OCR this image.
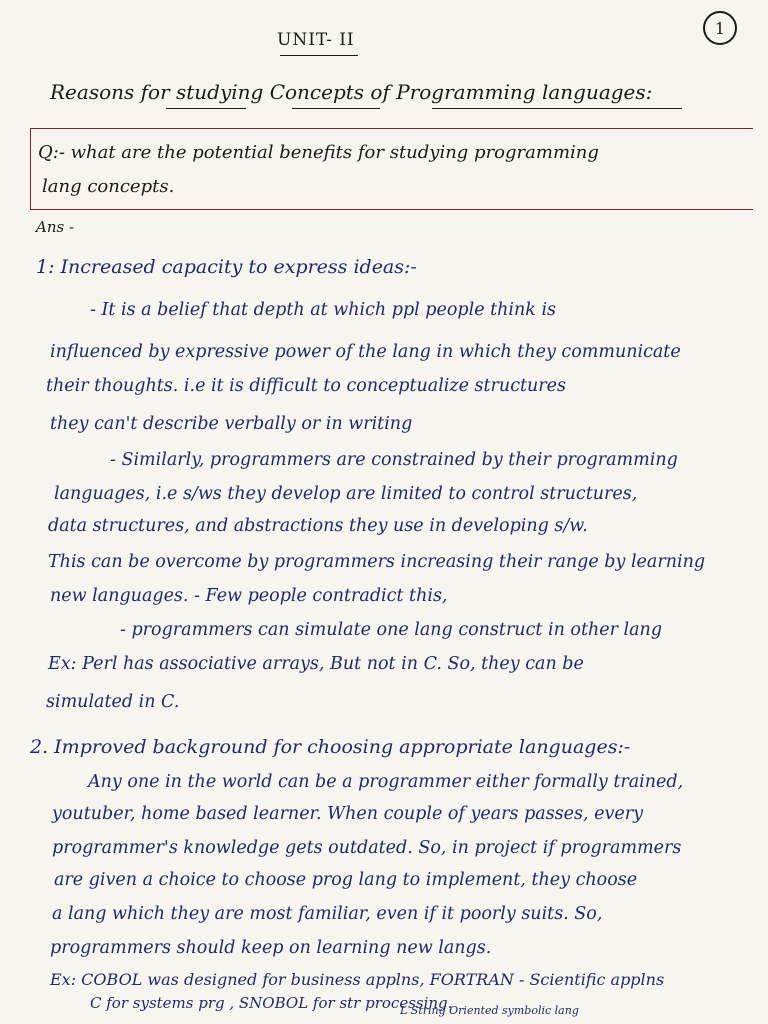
1
UNIT- II
Reasons for studying Concepts of Programming languages:
Q:- what are the potential benefits for studying programming
lang concepts.
Ans -
1: Increased capacity to express ideas:-
- It is a belief that depth at which ppl people think is
influenced by expressive power of the lang in which they communicate
their thoughts. i.e it is difficult to conceptualize structures
they can't describe verbally or in writing
- Similarly, programmers are constrained by their programming
languages, i.e s/ws they develop are limited to control structures,
data structures, and abstractions they use in developing s/w.
This can be overcome by programmers increasing their range by learning
new languages. - Few people contradict this,
- programmers can simulate one lang construct in other lang
Ex: Perl has associative arrays, But not in C. So, they can be
simulated in C.
2. Improved background for choosing appropriate languages:-
Any one in the world can be a programmer either formally trained,
youtuber, home based learner. When couple of years passes, every
programmer's knowledge gets outdated. So, in project if programmers
are given a choice to choose prog lang to implement, they choose
a lang which they are most familiar, even if it poorly suits. So,
programmers should keep on learning new langs.
Ex: COBOL was designed for business applns, FORTRAN - Scientific applns
C for systems prg , SNOBOL for str processing.
L String Oriented symbolic lang
